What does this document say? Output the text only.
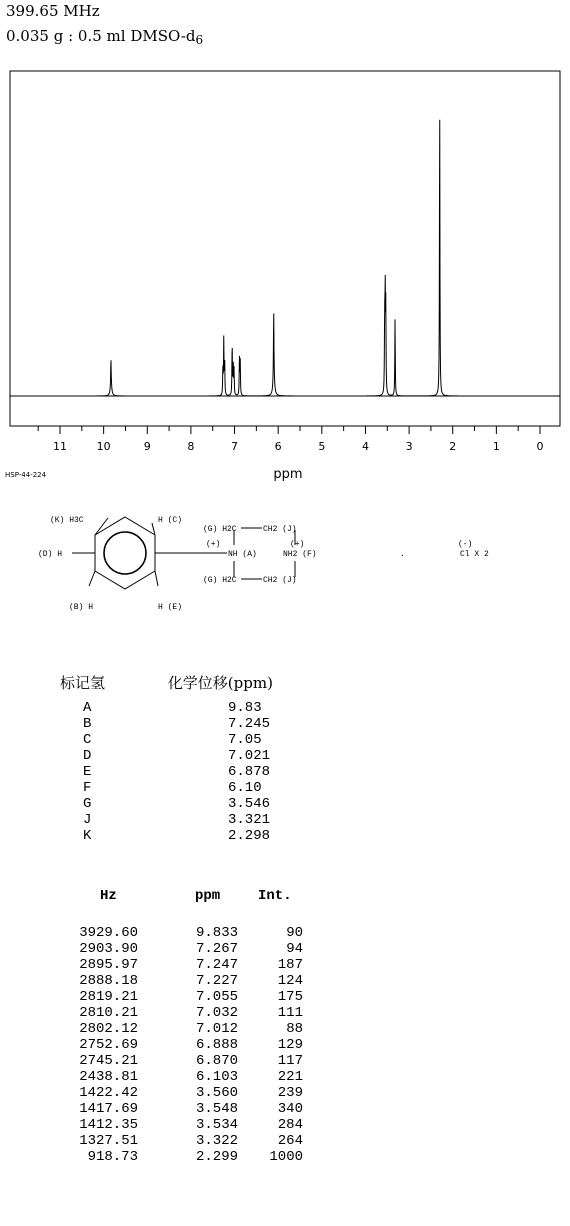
399.65 MHz
0.035 g : 0.5 ml DMSO-$d_6$
11	10	9	8	7	6	5	4	3	2	1	0
ppm
(K) H3C	H (C)
(D) H
(B) H	H (E)
(G) H2C	CH2 (J)
(G) H2C	CH2 (J)
(+)
NH (A)
(+)
NH2 (F)	.
(-)
Cl X 2
HSP-44-224
标记氢	化学位移(ppm)
A	9.83
B	7.245
C	7.05
D	7.021
E	6.878
F	6.10
G	3.546
J	3.321
K	2.298
Hz	ppm	Int.
3929.60	9.833	90
2903.90	7.267	94
2895.97	7.247	187
2888.18	7.227	124
2819.21	7.055	175
2810.21	7.032	111
2802.12	7.012	88
2752.69	6.888	129
2745.21	6.870	117
2438.81	6.103	221
1422.42	3.560	239
1417.69	3.548	340
1412.35	3.534	284
1327.51	3.322	264
918.73	2.299 1000
